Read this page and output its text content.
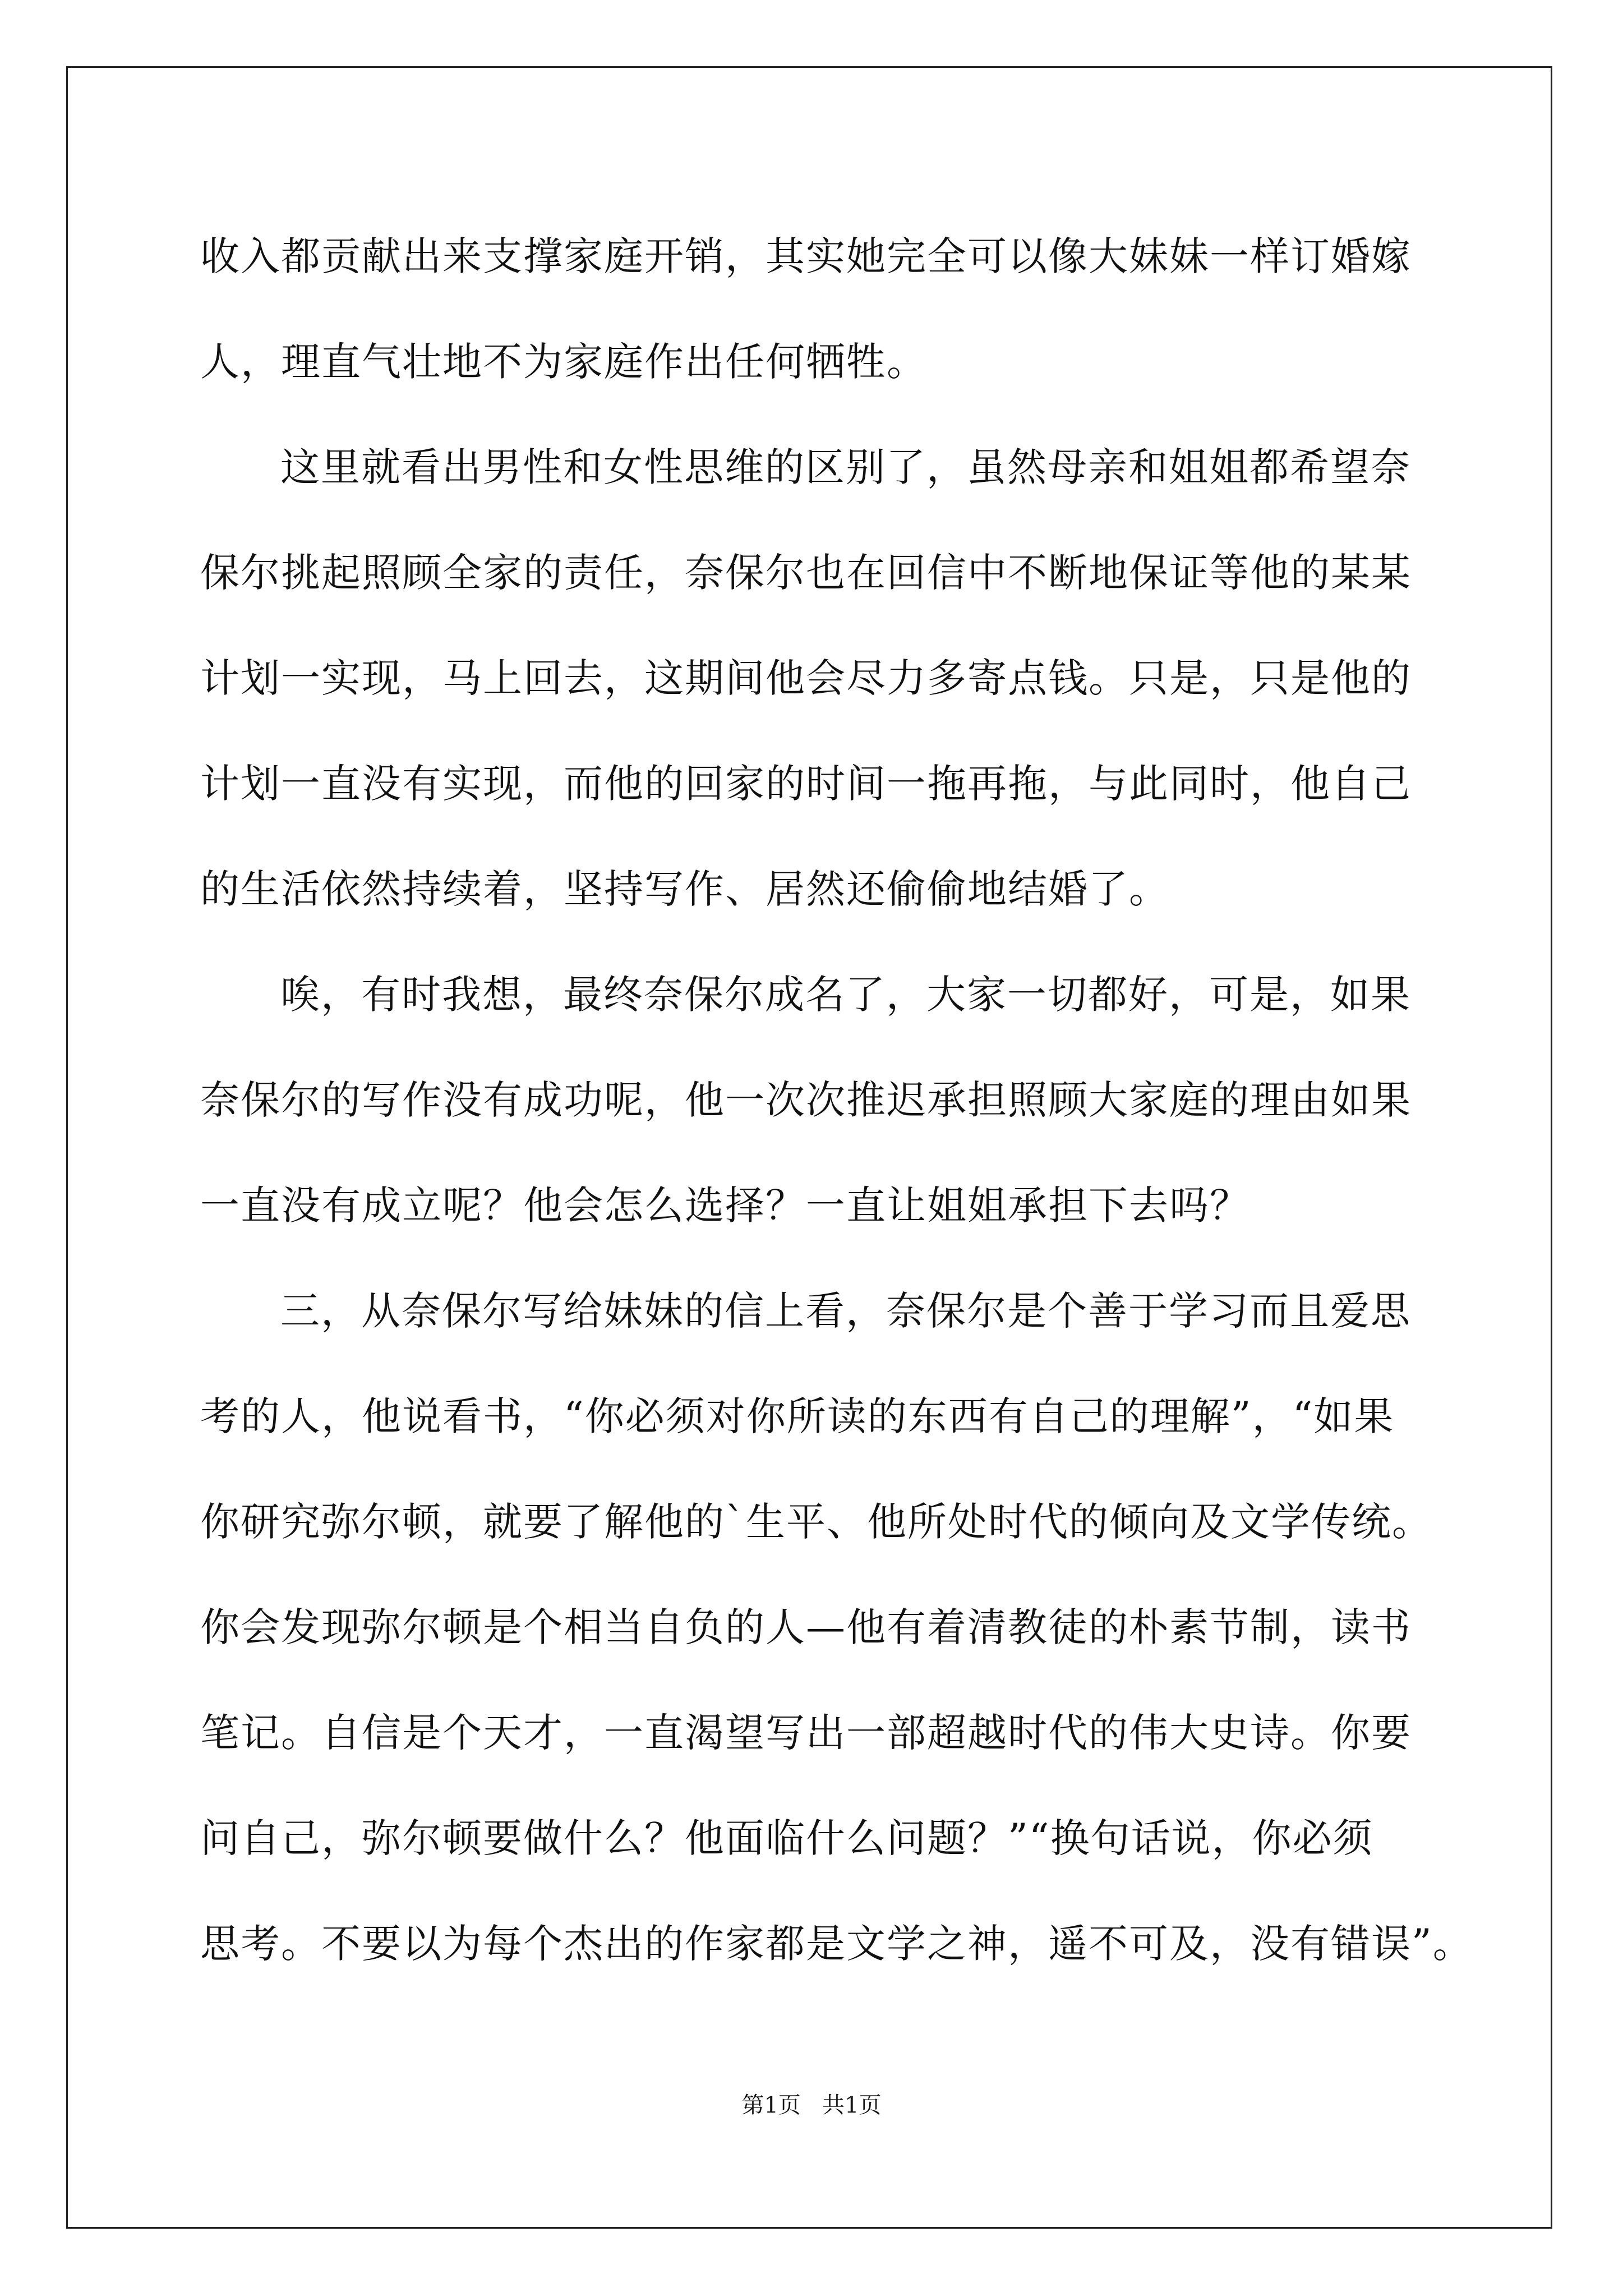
收入都贡献出来支撑家庭开销，其实她完全可以像大妹妹一样订婚嫁
人，理直气壮地不为家庭作出任何牺牲。
这里就看出男性和女性思维的区别了，虽然母亲和姐姐都希望奈
保尔挑起照顾全家的责任，奈保尔也在回信中不断地保证等他的某某
计划一实现，马上回去，这期间他会尽力多寄点钱。只是，只是他的
计划一直没有实现，而他的回家的时间一拖再拖，与此同时，他自己
的生活依然持续着，坚持写作、居然还偷偷地结婚了。
唉，有时我想，最终奈保尔成名了，大家一切都好，可是，如果
奈保尔的写作没有成功呢，他一次次推迟承担照顾大家庭的理由如果
一直没有成立呢？他会怎么选择？一直让姐姐承担下去吗？
三，从奈保尔写给妹妹的信上看，奈保尔是个善于学习而且爱思
考的人，他说看书，“你必须对你所读的东西有自己的理解”，“如果
你研究弥尔顿，就要了解他的`生平、他所处时代的倾向及文学传统。
你会发现弥尔顿是个相当自负的人—他有着清教徒的朴素节制，读书
笔记。自信是个天才，一直渴望写出一部超越时代的伟大史诗。你要
问自己，弥尔顿要做什么？他面临什么问题？”“换句话说，你必须
思考。不要以为每个杰出的作家都是文学之神，遥不可及，没有错误”。
第1页   共1页
